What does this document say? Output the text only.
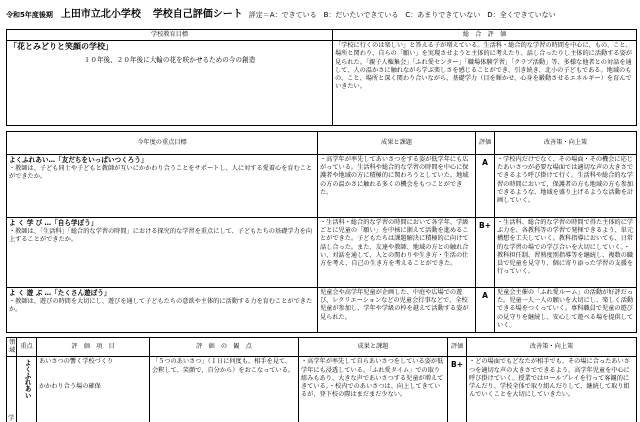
令和5年度後期 上田市立北小学校 学校自己評価シート 評定＝A：できている　B：だいたいできている　C：あまりできていない　D：全くできていない
学校教育目標	総　合　評　価

「花とみどりと笑顔の学校」
１０年後、２０年後に大輪の花を咲かせるための今の創造	「学校に行くのは楽しい」と答える子が増えている。生活科・総合的な学習の時間を中心に、もの、こと、場所と関わり、自らの「願い」を実現させようと主体的に考えたり、話し合ったりし主体的に活動する姿が見られた。「親子人権集会」「ふれ愛センター」「職場体験学習」「クラブ活動」等、多様な他者との対話を通して、人の温かさに触れながら学ぶ楽しさを感じることができ、引き続き、北小の子どもである。地域のもの、こと、場所と深く関わり合いながら、基礎学力（目を輝かせ、心身を鍛動させるエネルギー）を育んでいきたい。
今年度の重点目標	成果と課題	評価	改善策・向上策

よくふれあい…「友だちをいっぱいつくろう」

・教師は、子ども同士や子どもと教師が互いにかかわり合うことをサポートし、人に対する愛着心を育むことができたか。	・高学年が率先してあいさつをする姿が低学年にも広がっている。生活科や総合的な学習の時間を中心に保護者や地域の方に積極的に関わろうとしていた。地域の方の温かさに触れる多くの機会をもつことができた。	A	・学校内だけでなく、その場面・その機会に応じたあいさつが必要な場面では適切な声の大きさでできるよう呼び掛けて行く。生活科や総合的な学習の時間において、保護者の方も地域の方も参加できるような、地域を盛り上げるような活動を計画していく。

よ く 学 び …「自ら学ぼう」

・教師は、「生活科」「総合的な学習の時間」における探究的な学習を重点にして、子どもたちの基礎学力を向上することができたか。	・生活科・総合的な学習の時間において各学年、学級ごとに児童の「願い」を中核に据えて活動を進めることができた。子どもたちは課題解決に積極的に向けて話し合った。また、友達や教師、地域の方との触れ合い、対話を通して、人との関わりや生き方・生活の仕方を考え、自己の生き方を考えることができた。	B+	・生活科、総合的な学習の時間で得た主体的に学ぶ力を、各教科等の学習で発揮できるよう、単元構想を工夫していく。教科指導においても、日常的な学習の場での学び合いを大切にしていく。・教科担任制、習熟度別指導等を継続し、複数の職員で児童を見守り、個に寄り添った学習の支援を行っていく。

よ く 遊 ぶ …「たくさん遊ぼう」

・教師は、遊びの時間を大切にし、遊びを通して子どもたちの意欲や主体的に活動する力を育むことができたか。	児童会や高学年児童が企画した、中庭や広場での遊び、レクリエーションなどの児童会行事などで、全校児童が参加し、学年や学級の枠を越えて活動する姿が見られた。	A	児童会主催の「ふれ愛ルーム」の活動が好評だった。児童一人一人の願いを大切にし、楽しく活動できる場をつくっていく。専科職員で児童の遊びの見守りを継続し、安心して遊べる場を提供していく。
領域	重点	評　価　項　目	評　価　の　観　点	成果と課題	評価	改善策・向上策
学	よくふれあい	あいさつの響く学校づくり

かかわり合う場の確保	「５つのあいさつ」（１日に何度も、相手を見て、会釈して、笑顔で、自分から）をおこなっている。	・高学年が率先して自らあいさつをしている姿が低学年にも浸透している。「ふれ愛タイム」での取り組みもあり、大きな声であいさつする児童が増えてきている。・校内でのあいさつは、向上してきているが、登下校の際はまだまだ少ない。	B+	・どの場面でもどなたが相手でも、その場に合ったあいさつを適切な声の大きさでできるよう、高学年児童を中心に呼び掛けていく。授業ではロールプレイを行って客観的に学んだり、学校全体で取り組んだりして、継続して取り組んでいくことを大切にしていきたい。
